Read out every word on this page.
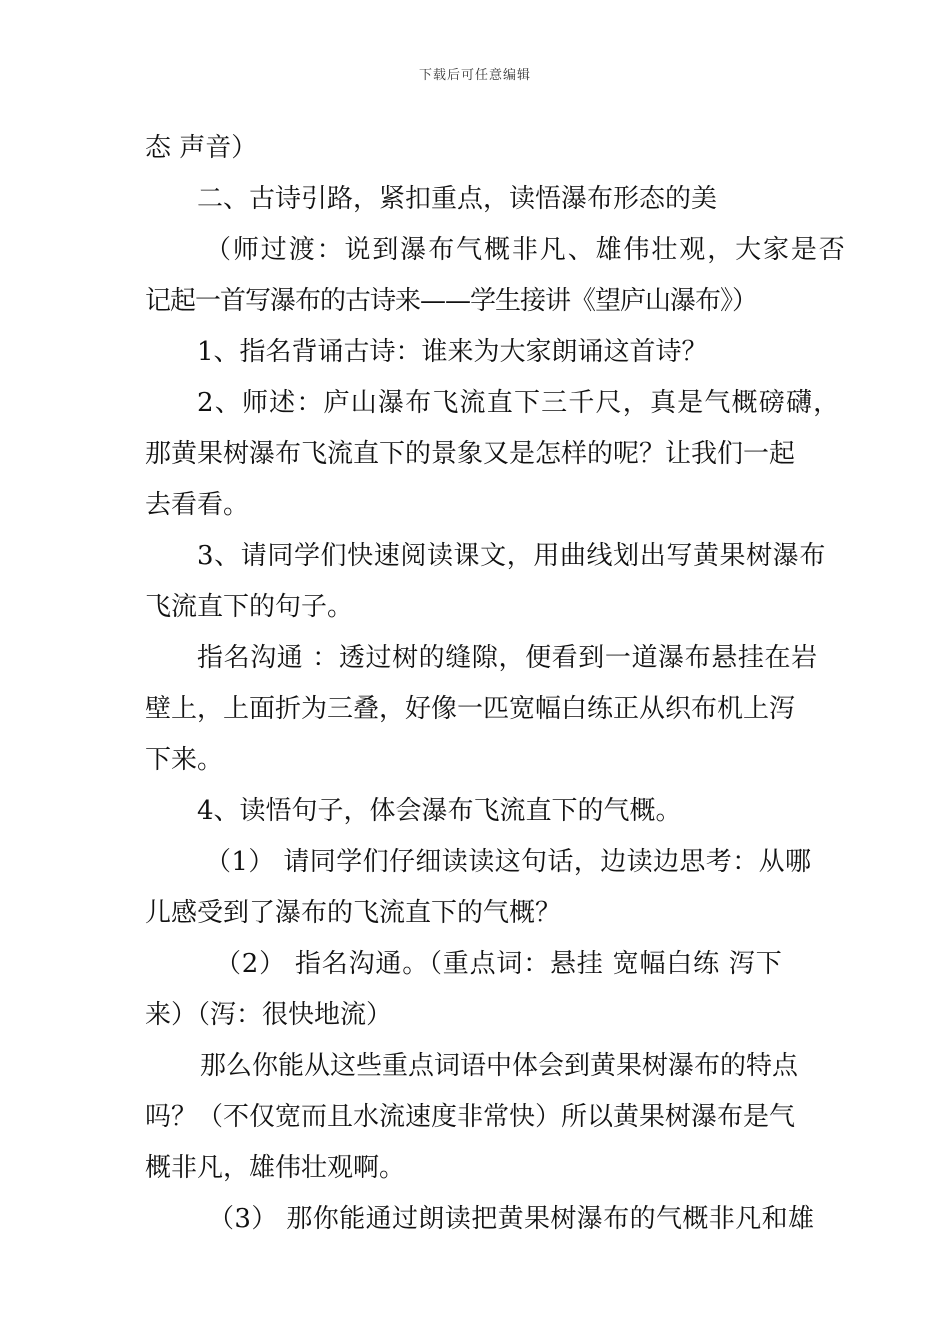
下载后可任意编辑
态 声音）
二、古诗引路，紧扣重点，读悟瀑布形态的美
（师过渡：说到瀑布气概非凡、雄伟壮观，大家是否
记起一首写瀑布的古诗来——学生接讲《望庐山瀑布》）
1、指名背诵古诗：谁来为大家朗诵这首诗？
2、师述：庐山瀑布飞流直下三千尺，真是气概磅礴，
那黄果树瀑布飞流直下的景象又是怎样的呢？让我们一起
去看看。
3、请同学们快速阅读课文，用曲线划出写黄果树瀑布
飞流直下的句子。
指名沟通 ：透过树的缝隙，便看到一道瀑布悬挂在岩
壁上，上面折为三叠，好像一匹宽幅白练正从织布机上泻
下来。
4、读悟句子，体会瀑布飞流直下的气概。
（1） 请同学们仔细读读这句话，边读边思考：从哪
儿感受到了瀑布的飞流直下的气概？
（2） 指名沟通。（重点词：悬挂 宽幅白练 泻下
来）（泻：很快地流）
那么你能从这些重点词语中体会到黄果树瀑布的特点
吗？（不仅宽而且水流速度非常快）所以黄果树瀑布是气
概非凡，雄伟壮观啊。
（3） 那你能通过朗读把黄果树瀑布的气概非凡和雄
